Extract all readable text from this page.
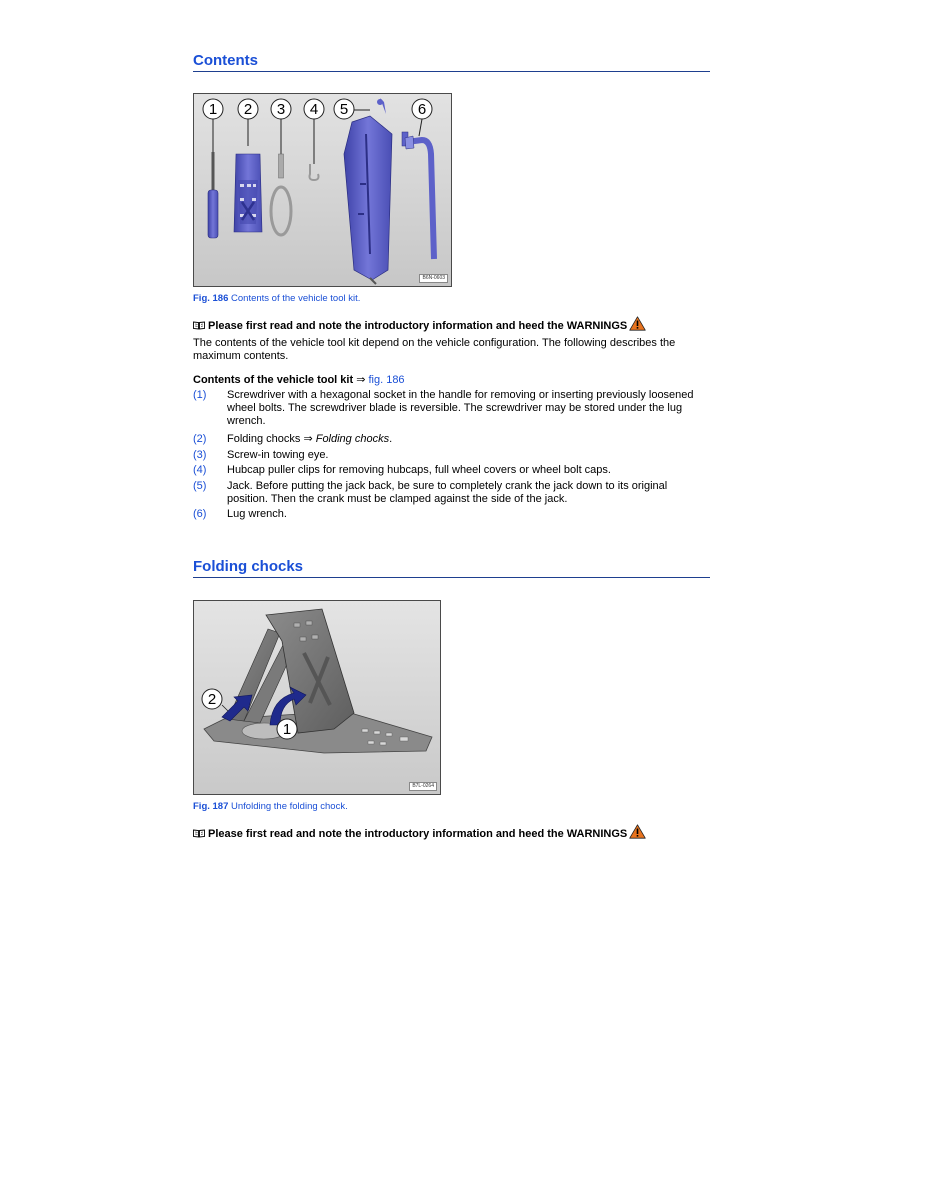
Contents
1 2 3 4 5	6
B6N-0603
Fig. 186 Contents of the vehicle tool kit.
Please first read and note the introductory information and heed the WARNINGS

The contents of the vehicle tool kit depend on the vehicle configuration. The following describes the maximum contents.

Contents of the vehicle tool kit ⇒ fig. 186
(1)	Screwdriver with a hexagonal socket in the handle for removing or inserting previously loosened wheel bolts. The screwdriver blade is reversible. The screwdriver may be stored under the lug wrench.
(2)	Folding chocks ⇒ Folding chocks.
(3)	Screw-in towing eye.
(4)	Hubcap puller clips for removing hubcaps, full wheel covers or wheel bolt caps.
(5)	Jack. Before putting the jack back, be sure to completely crank the jack down to its original position. Then the crank must be clamped against the side of the jack.
(6)	Lug wrench.
Folding chocks
2
1
B7L-0264
Fig. 187 Unfolding the folding chock.
Please first read and note the introductory information and heed the WARNINGS
